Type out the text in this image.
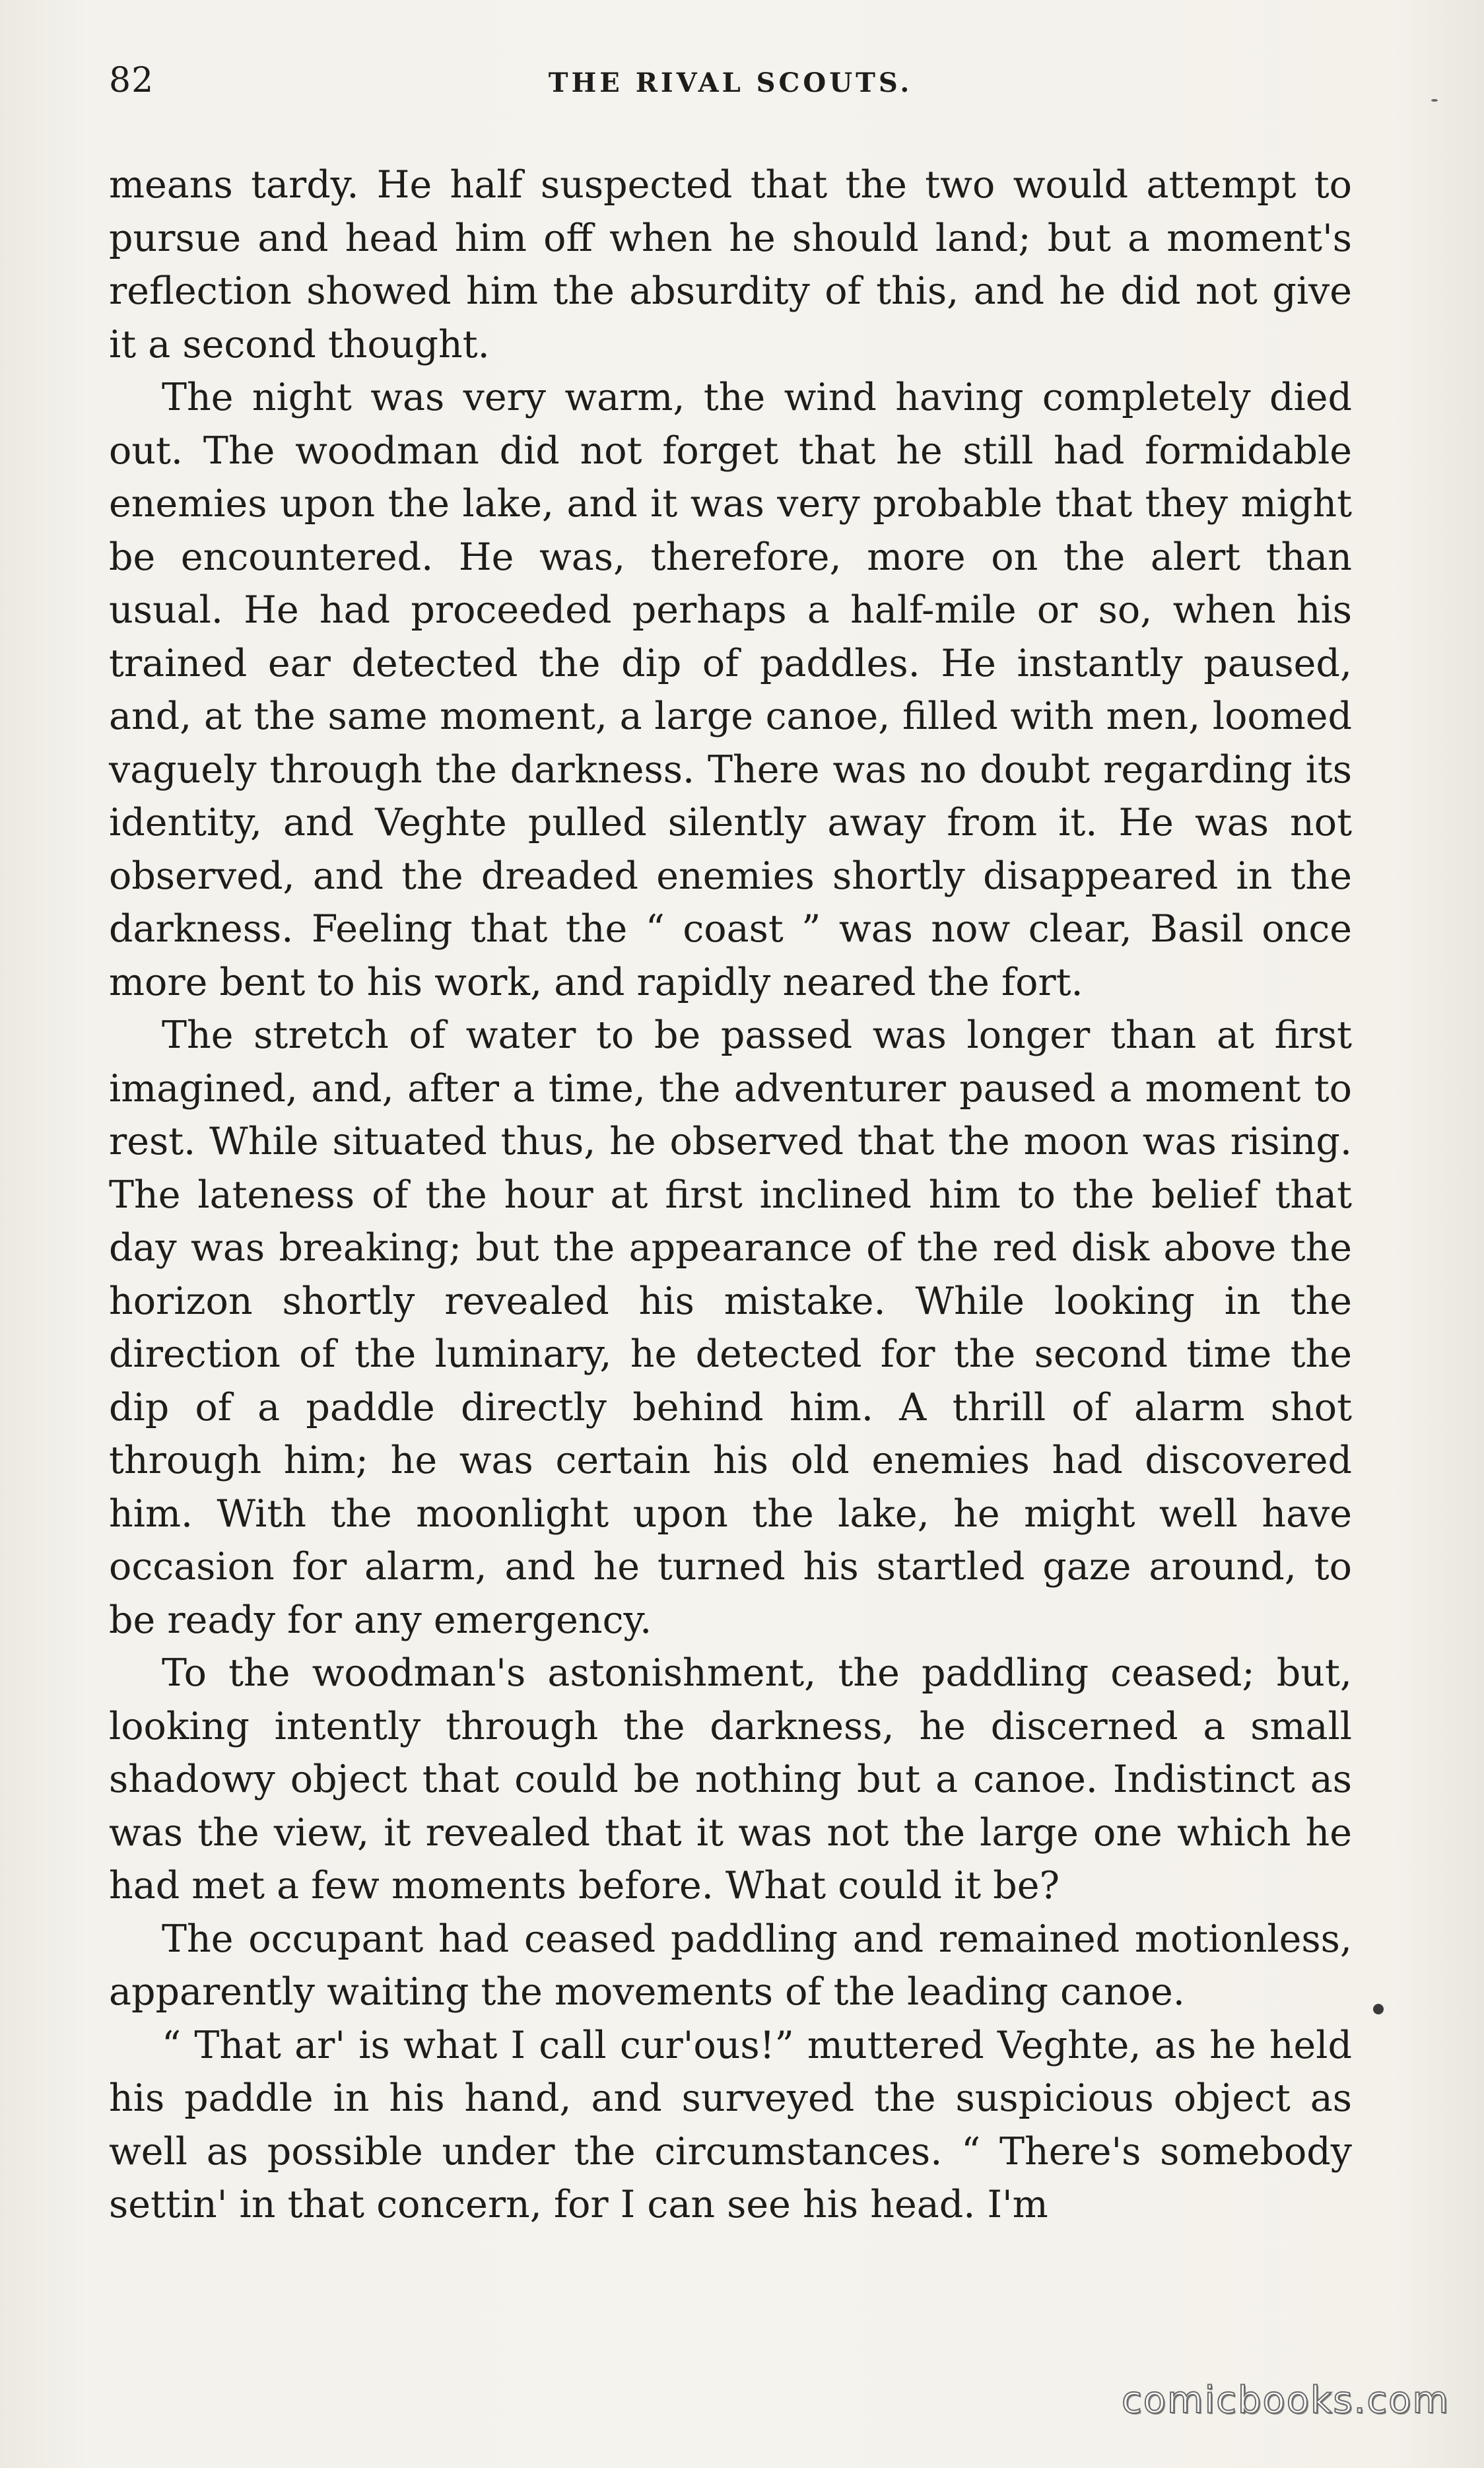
82	THE RIVAL SCOUTS.

means tardy. He half suspected that the two would attempt to pursue and head him off when he should land; but a moment's reflection showed him the absurdity of this, and he did not give it a second thought.

The night was very warm, the wind having completely died out. The woodman did not forget that he still had formidable enemies upon the lake, and it was very probable that they might be encountered. He was, therefore, more on the alert than usual. He had proceeded perhaps a half-mile or so, when his trained ear detected the dip of paddles. He instantly paused, and, at the same moment, a large canoe, filled with men, loomed vaguely through the darkness. There was no doubt regarding its identity, and Veghte pulled silently away from it. He was not observed, and the dreaded enemies shortly disappeared in the darkness. Feeling that the “ coast ” was now clear, Basil once more bent to his work, and rapidly neared the fort.

The stretch of water to be passed was longer than at first imagined, and, after a time, the adventurer paused a moment to rest. While situated thus, he observed that the moon was rising. The lateness of the hour at first inclined him to the belief that day was breaking; but the appearance of the red disk above the horizon shortly revealed his mistake. While looking in the direction of the luminary, he detected for the second time the dip of a paddle directly behind him. A thrill of alarm shot through him; he was certain his old enemies had discovered him. With the moonlight upon the lake, he might well have occasion for alarm, and he turned his startled gaze around, to be ready for any emergency.

To the woodman's astonishment, the paddling ceased; but, looking intently through the darkness, he discerned a small shadowy object that could be nothing but a canoe. Indistinct as was the view, it revealed that it was not the large one which he had met a few moments before. What could it be?

The occupant had ceased paddling and remained motionless, apparently waiting the movements of the leading canoe.

“ That ar' is what I call cur'ous!” muttered Veghte, as he held his paddle in his hand, and surveyed the suspicious object as well as possible under the circumstances. “ There's somebody settin' in that concern, for I can see his head. I'm

comicbooks.com
